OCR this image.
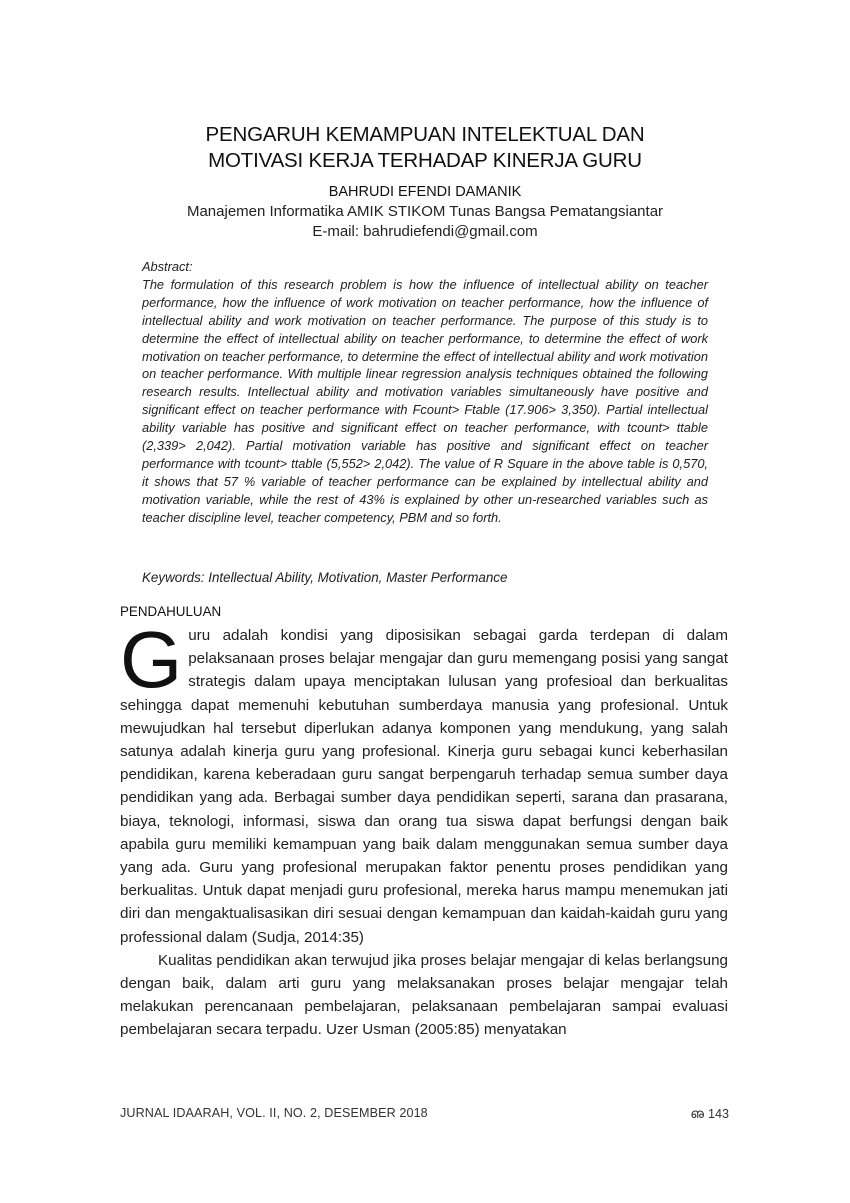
PENGARUH KEMAMPUAN INTELEKTUAL DAN
MOTIVASI KERJA TERHADAP KINERJA GURU
BAHRUDI EFENDI DAMANIK
Manajemen Informatika AMIK STIKOM Tunas Bangsa Pematangsiantar
E-mail: bahrudiefendi@gmail.com

Abstract:

The formulation of this research problem is how the influence of intellectual ability on teacher performance, how the influence of work motivation on teacher performance, how the influence of intellectual ability and work motivation on teacher performance. The purpose of this study is to determine the effect of intellectual ability on teacher performance, to determine the effect of work motivation on teacher performance, to determine the effect of intellectual ability and work motivation on teacher performance. With multiple linear regression analysis techniques obtained the following research results. Intellectual ability and motivation variables simultaneously have positive and significant effect on teacher performance with Fcount> Ftable (17.906> 3,350). Partial intellectual ability variable has positive and significant effect on teacher performance, with tcount> ttable (2,339> 2,042). Partial motivation variable has positive and significant effect on teacher performance with tcount> ttable (5,552> 2,042). The value of R Square in the above table is 0,570, it shows that 57 % variable of teacher performance can be explained by intellectual ability and motivation variable, while the rest of 43% is explained by other un-researched variables such as teacher discipline level, teacher competency, PBM and so forth.

Keywords: Intellectual Ability, Motivation, Master Performance
PENDAHULUAN

Guru adalah kondisi yang diposisikan sebagai garda terdepan di dalam pelaksanaan proses belajar mengajar dan guru memengang posisi yang sangat strategis dalam upaya menciptakan lulusan yang profesioal dan berkualitas sehingga dapat memenuhi kebutuhan sumberdaya manusia yang profesional. Untuk mewujudkan hal tersebut diperlukan adanya komponen yang mendukung, yang salah satunya adalah kinerja guru yang profesional. Kinerja guru sebagai kunci keberhasilan pendidikan, karena keberadaan guru sangat berpengaruh terhadap semua sumber daya pendidikan yang ada. Berbagai sumber daya pendidikan seperti, sarana dan prasarana, biaya, teknologi, informasi, siswa dan orang tua siswa dapat berfungsi dengan baik apabila guru memiliki kemampuan yang baik dalam menggunakan semua sumber daya yang ada. Guru yang profesional merupakan faktor penentu proses pendidikan yang berkualitas. Untuk dapat menjadi guru profesional, mereka harus mampu menemukan jati diri dan mengaktualisasikan diri sesuai dengan kemampuan dan kaidah-kaidah guru yang professional dalam (Sudja, 2014:35)

Kualitas pendidikan akan terwujud jika proses belajar mengajar di kelas berlangsung dengan baik, dalam arti guru yang melaksanakan proses belajar mengajar telah melakukan perencanaan pembelajaran, pelaksanaan pembelajaran sampai evaluasi pembelajaran secara terpadu. Uzer Usman (2005:85) menyatakan

JURNAL IDAARAH, VOL. II, NO. 2, DESEMBER 2018	ഌ 143
